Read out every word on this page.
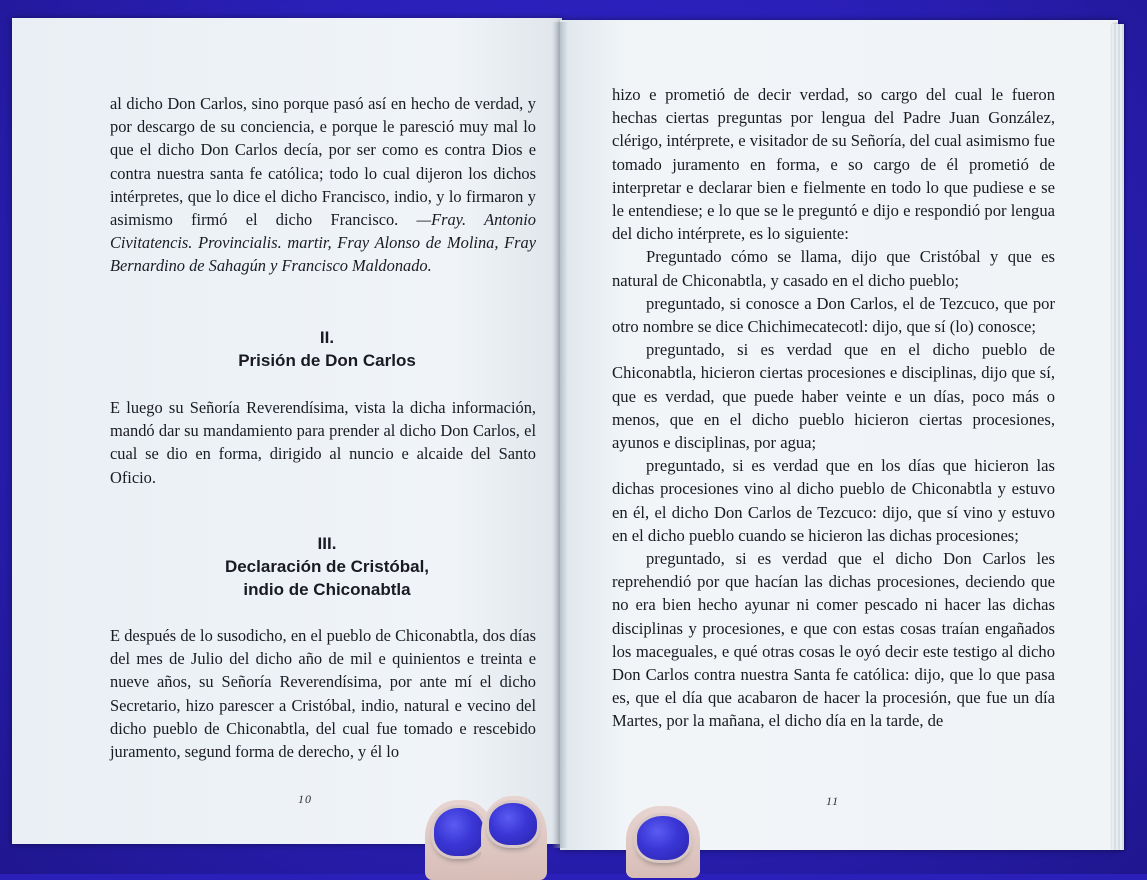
al dicho Don Carlos, sino porque pasó así en hecho de verdad, y por descargo de su conciencia, e porque le paresció muy mal lo que el dicho Don Carlos decía, por ser como es contra Dios e contra nuestra santa fe católica; todo lo cual dijeron los dichos intérpretes, que lo dice el dicho Francisco, indio, y lo firmaron y asimismo firmó el dicho Francisco. —Fray. Antonio Civitatencis. Provincialis. martir, Fray Alonso de Molina, Fray Bernardino de Sahagún y Francisco Maldonado.

II.
Prisión de Don Carlos

E luego su Señoría Reverendísima, vista la dicha información, mandó dar su mandamiento para prender al dicho Don Carlos, el cual se dio en forma, dirigido al nuncio e alcaide del Santo Oficio.

III.
Declaración de Cristóbal,
indio de Chiconabtla

E después de lo susodicho, en el pueblo de Chiconabtla, dos días del mes de Julio del dicho año de mil e quinientos e treinta e nueve años, su Señoría Reverendísima, por ante mí el dicho Secretario, hizo parescer a Cristóbal, indio, natural e vecino del dicho pueblo de Chiconabtla, del cual fue tomado e rescebido juramento, segund forma de derecho, y él lo

10

hizo e prometió de decir verdad, so cargo del cual le fueron hechas ciertas preguntas por lengua del Padre Juan González, clérigo, intérprete, e visitador de su Señoría, del cual asimismo fue tomado juramento en forma, e so cargo de él prometió de interpretar e declarar bien e fielmente en todo lo que pudiese e se le entendiese; e lo que se le preguntó e dijo e respondió por lengua del dicho intérprete, es lo siguiente:

Preguntado cómo se llama, dijo que Cristóbal y que es natural de Chiconabtla, y casado en el dicho pueblo;

preguntado, si conosce a Don Carlos, el de Tezcuco, que por otro nombre se dice Chichimecatecotl: dijo, que sí (lo) conosce;

preguntado, si es verdad que en el dicho pueblo de Chiconabtla, hicieron ciertas procesiones e disciplinas, dijo que sí, que es verdad, que puede haber veinte e un días, poco más o menos, que en el dicho pueblo hicieron ciertas procesiones, ayunos e disciplinas, por agua;

preguntado, si es verdad que en los días que hicieron las dichas procesiones vino al dicho pueblo de Chiconabtla y estuvo en él, el dicho Don Carlos de Tezcuco: dijo, que sí vino y estuvo en el dicho pueblo cuando se hicieron las dichas procesiones;

preguntado, si es verdad que el dicho Don Carlos les reprehendió por que hacían las dichas procesiones, deciendo que no era bien hecho ayunar ni comer pescado ni hacer las dichas disciplinas y procesiones, e que con estas cosas traían engañados los maceguales, e qué otras cosas le oyó decir este testigo al dicho Don Carlos contra nuestra Santa fe católica: dijo, que lo que pasa es, que el día que acabaron de hacer la procesión, que fue un día Martes, por la mañana, el dicho día en la tarde, de

11
